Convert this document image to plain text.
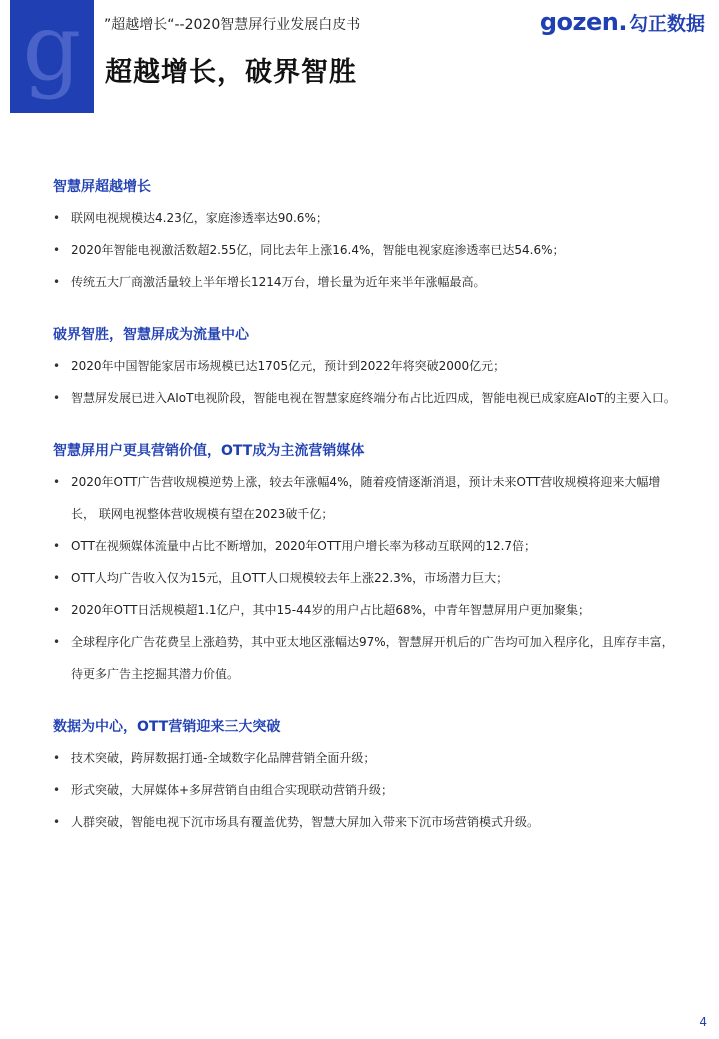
g ”超越增长“--2020智慧屏行业发展白皮书
超越增长，破界智胜
gozen. 勾正数据
智慧屏超越增长
• 联网电视规模达4.23亿，家庭渗透率达90.6%；
• 2020年智能电视激活数超2.55亿，同比去年上涨16.4%，智能电视家庭渗透率已达54.6%；
• 传统五大厂商激活量较上半年增长1214万台，增长量为近年来半年涨幅最高。
破界智胜，智慧屏成为流量中心
• 2020年中国智能家居市场规模已达1705亿元，预计到2022年将突破2000亿元；
• 智慧屏发展已进入AIoT电视阶段，智能电视在智慧家庭终端分布占比近四成，智能电视已成家庭AIoT的主要入口。
智慧屏用户更具营销价值，OTT成为主流营销媒体
• 2020年OTT广告营收规模逆势上涨，较去年涨幅4%，随着疫情逐渐消退，预计未来OTT营收规模将迎来大幅增长， 联网电视整体营收规模有望在2023破千亿；
• OTT在视频媒体流量中占比不断增加，2020年OTT用户增长率为移动互联网的12.7倍；
• OTT人均广告收入仅为15元，且OTT人口规模较去年上涨22.3%，市场潜力巨大；
• 2020年OTT日活规模超1.1亿户，其中15-44岁的用户占比超68%，中青年智慧屏用户更加聚集；
• 全球程序化广告花费呈上涨趋势，其中亚太地区涨幅达97%，智慧屏开机后的广告均可加入程序化，且库存丰富，待更多广告主挖掘其潜力价值。
数据为中心，OTT营销迎来三大突破
• 技术突破，跨屏数据打通-全域数字化品牌营销全面升级；
• 形式突破，大屏媒体+多屏营销自由组合实现联动营销升级；
• 人群突破，智能电视下沉市场具有覆盖优势，智慧大屏加入带来下沉市场营销模式升级。
4
